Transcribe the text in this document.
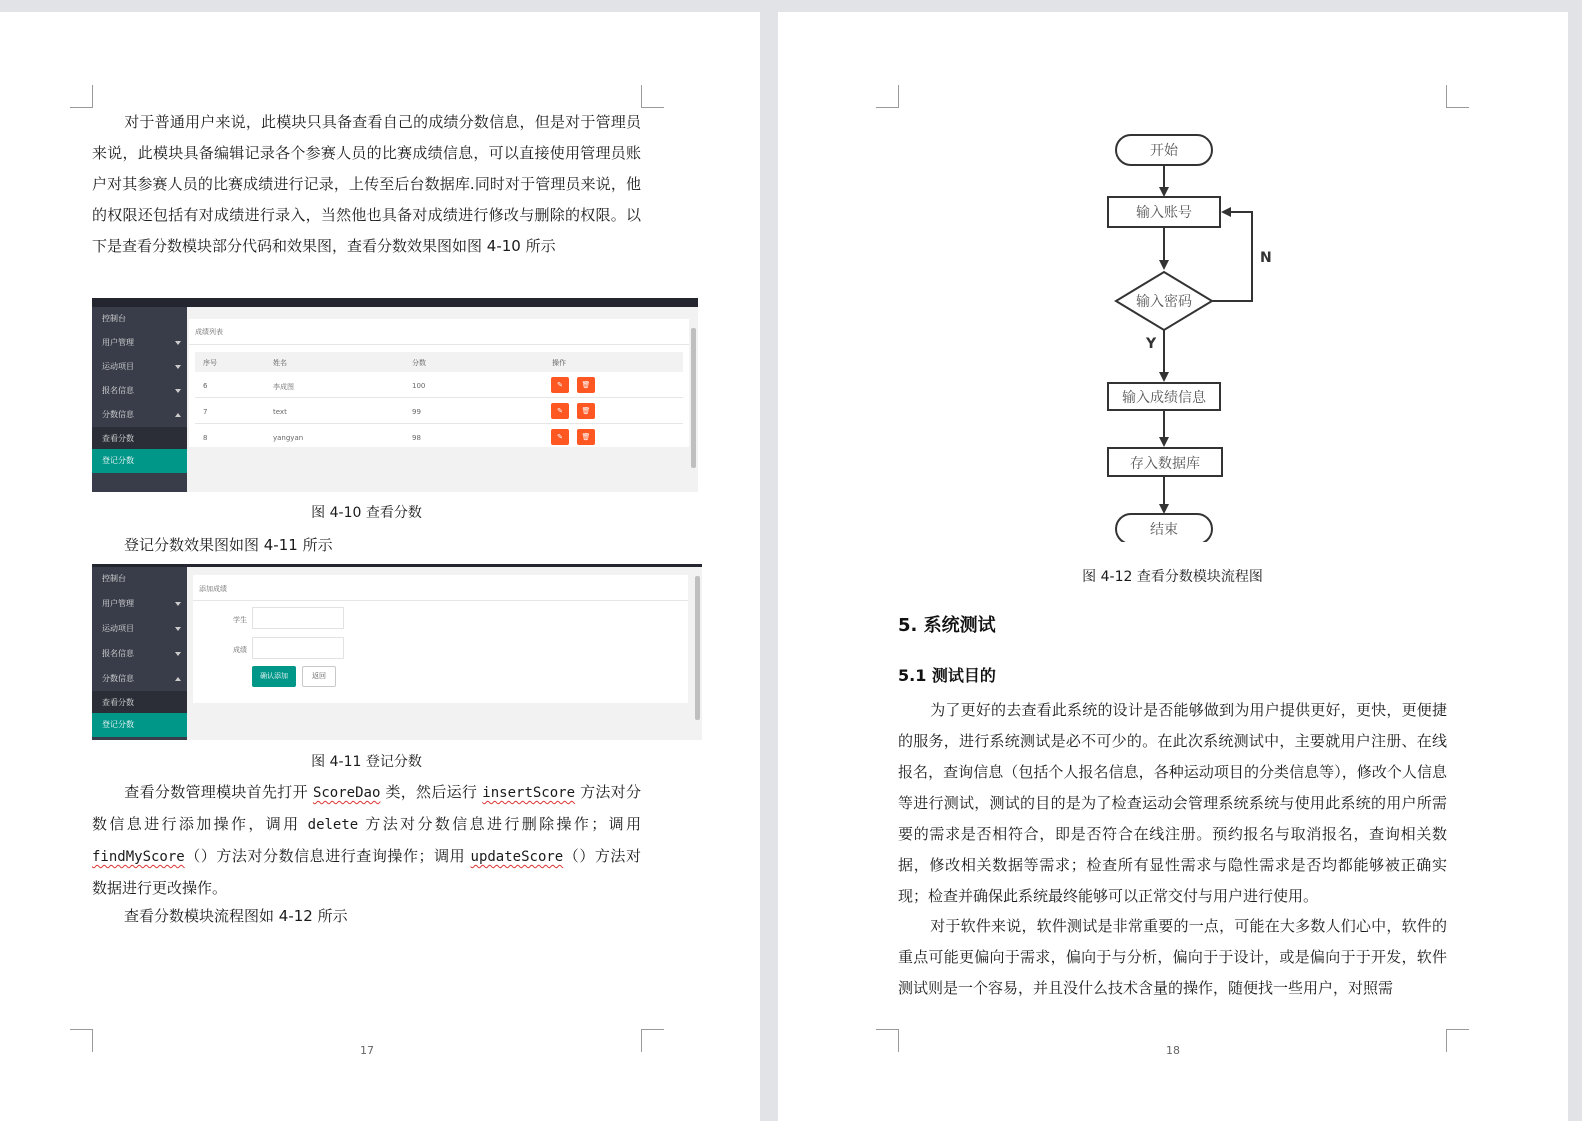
对于普通用户来说，此模块只具备查看自己的成绩分数信息，但是对于管理员来说，此模块具备编辑记录各个参赛人员的比赛成绩信息，可以直接使用管理员账户对其参赛人员的比赛成绩进行记录，上传至后台数据库.同时对于管理员来说，他的权限还包括有对成绩进行录入，当然他也具备对成绩进行修改与删除的权限。以下是查看分数模块部分代码和效果图，查看分数效果图如图 4-10 所示

控制台
用户管理
运动项目
报名信息
分数信息
查看分数
登记分数
成绩列表
序号	姓名	分数	操作
6	李成图	100	✎	🗑
7	text	99	✎	🗑
8	yangyan	98	✎	🗑
图 4-10 查看分数

登记分数效果图如图 4-11 所示

控制台
用户管理
运动项目
报名信息
分数信息
查看分数
登记分数
添加成绩
学生
成绩
确认添加	返回
图 4-11 登记分数

查看分数管理模块首先打开 ScoreDao 类，然后运行 insertScore 方法对分数信息进行添加操作，调用 delete 方法对分数信息进行删除操作；调用 findMyScore（）方法对分数信息进行查询操作；调用 updateScore（）方法对数据进行更改操作。

查看分数模块流程图如 4-12 所示

17
开始
输入账号
输入密码
N
Y
输入成绩信息
存入数据库
结束
图 4-12 查看分数模块流程图
5. 系统测试
5.1 测试目的

为了更好的去查看此系统的设计是否能够做到为用户提供更好，更快，更便捷的服务，进行系统测试是必不可少的。在此次系统测试中，主要就用户注册、在线报名，查询信息（包括个人报名信息，各种运动项目的分类信息等），修改个人信息等进行测试，测试的目的是为了检查运动会管理系统系统与使用此系统的用户所需要的需求是否相符合，即是否符合在线注册。预约报名与取消报名，查询相关数据，修改相关数据等需求；检查所有显性需求与隐性需求是否均都能够被正确实现；检查并确保此系统最终能够可以正常交付与用户进行使用。

对于软件来说，软件测试是非常重要的一点，可能在大多数人们心中，软件的重点可能更偏向于需求，偏向于与分析，偏向于于设计，或是偏向于于开发，软件测试则是一个容易，并且没什么技术含量的操作，随便找一些用户，对照需

18
